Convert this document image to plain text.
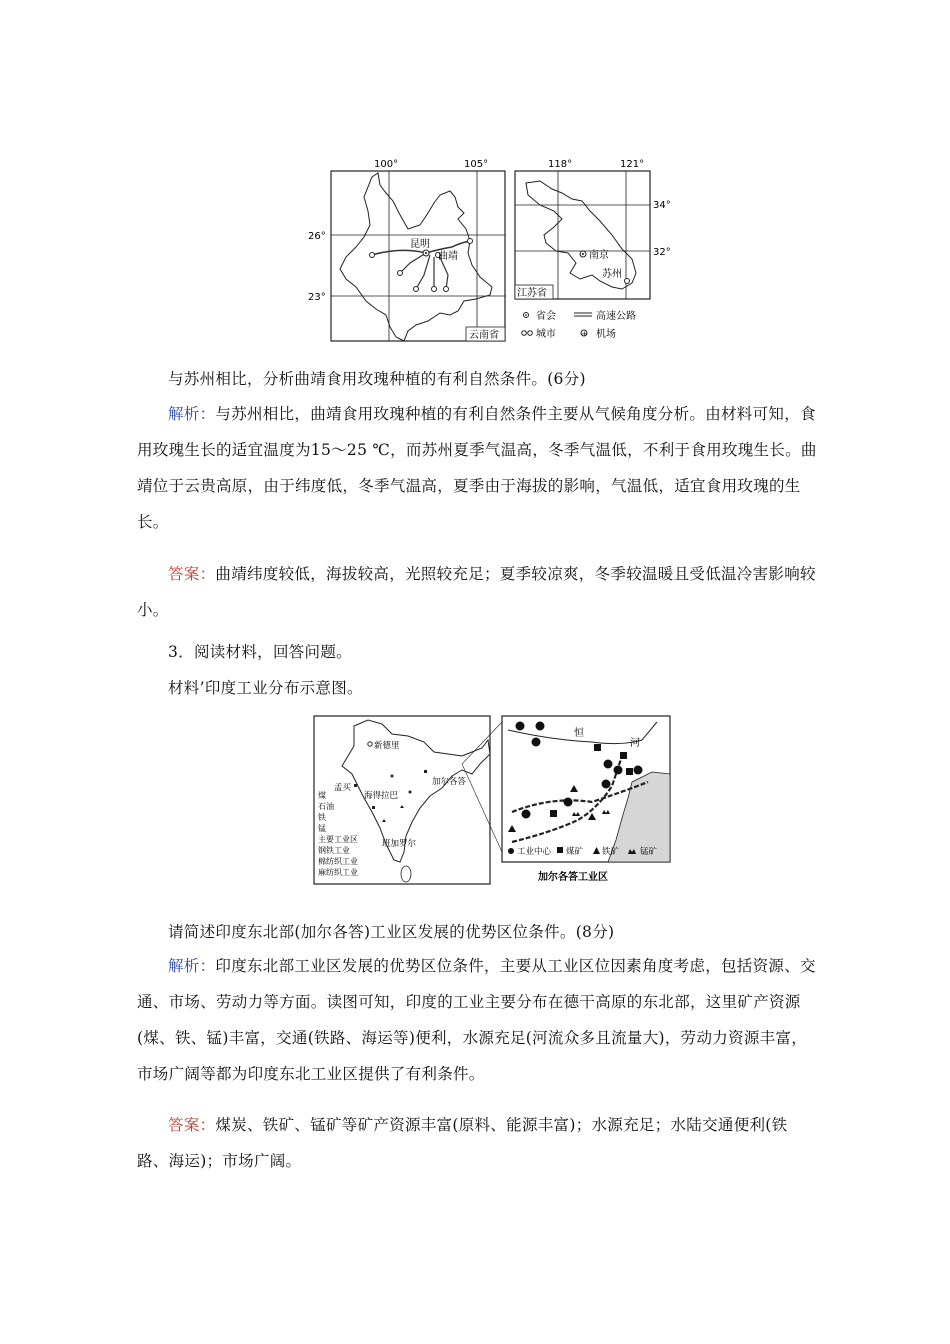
昆明
曲靖
100°	105°
26°
23°
云南省
南京
苏州
118°	121°
34°
32°
江苏省
省会	高速公路
城市	+ 机场
与苏州相比，分析曲靖食用玫瑰种植的有利自然条件。(6分)
解析：与苏州相比，曲靖食用玫瑰种植的有利自然条件主要从气候角度分析。由材料可知，食用玫瑰生长的适宜温度为15～25 ℃，而苏州夏季气温高，冬季气温低，不利于食用玫瑰生长。曲靖位于云贵高原，由于纬度低，冬季气温高，夏季由于海拔的影响，气温低，适宜食用玫瑰的生长。
答案：曲靖纬度较低，海拔较高，光照较充足；夏季较凉爽，冬季较温暖且受低温冷害影响较小。
3．阅读材料，回答问题。
材料’印度工业分布示意图。
新德里
孟买
海得拉巴
班加罗尔
加尔各答
煤
石油
铁
锰
主要工业区
钢铁工业
棉纺织工业
麻纺织工业
恒
河
工业中心 煤矿 铁矿 锰矿
加尔各答工业区
请简述印度东北部(加尔各答)工业区发展的优势区位条件。(8分)
解析：印度东北部工业区发展的优势区位条件，主要从工业区位因素角度考虑，包括资源、交通、市场、劳动力等方面。读图可知，印度的工业主要分布在德干高原的东北部，这里矿产资源(煤、铁、锰)丰富，交通(铁路、海运等)便利，水源充足(河流众多且流量大)，劳动力资源丰富，市场广阔等都为印度东北工业区提供了有利条件。
答案：煤炭、铁矿、锰矿等矿产资源丰富(原料、能源丰富)；水源充足；水陆交通便利(铁路、海运)；市场广阔。
